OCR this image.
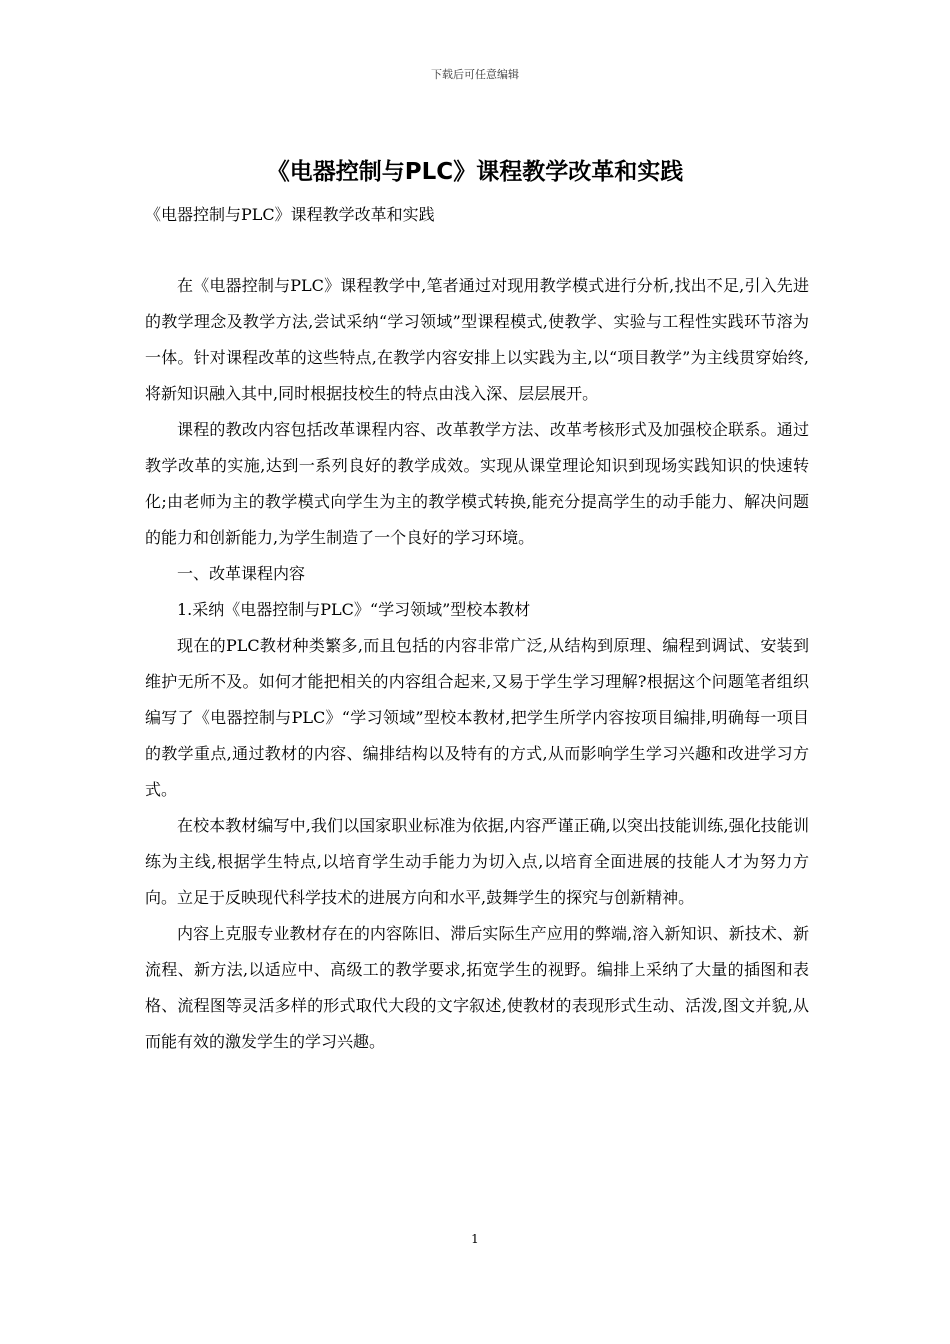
下载后可任意编辑
《电器控制与PLC》课程教学改革和实践
《电器控制与PLC》课程教学改革和实践

在《电器控制与PLC》课程教学中,笔者通过对现用教学模式进行分析,找出不足,引入先进的教学理念及教学方法,尝试采纳“学习领域”型课程模式,使教学、实验与工程性实践环节溶为一体。针对课程改革的这些特点,在教学内容安排上以实践为主,以“项目教学”为主线贯穿始终,将新知识融入其中,同时根据技校生的特点由浅入深、层层展开。

课程的教改内容包括改革课程内容、改革教学方法、改革考核形式及加强校企联系。通过教学改革的实施,达到一系列良好的教学成效。实现从课堂理论知识到现场实践知识的快速转化;由老师为主的教学模式向学生为主的教学模式转换,能充分提高学生的动手能力、解决问题的能力和创新能力,为学生制造了一个良好的学习环境。

一、改革课程内容

1.采纳《电器控制与PLC》“学习领域”型校本教材

现在的PLC教材种类繁多,而且包括的内容非常广泛,从结构到原理、编程到调试、安装到维护无所不及。如何才能把相关的内容组合起来,又易于学生学习理解?根据这个问题笔者组织编写了《电器控制与PLC》“学习领域”型校本教材,把学生所学内容按项目编排,明确每一项目的教学重点,通过教材的内容、编排结构以及特有的方式,从而影响学生学习兴趣和改进学习方式。

在校本教材编写中,我们以国家职业标准为依据,内容严谨正确,以突出技能训练,强化技能训练为主线,根据学生特点,以培育学生动手能力为切入点,以培育全面进展的技能人才为努力方向。立足于反映现代科学技术的进展方向和水平,鼓舞学生的探究与创新精神。

内容上克服专业教材存在的内容陈旧、滞后实际生产应用的弊端,溶入新知识、新技术、新流程、新方法,以适应中、高级工的教学要求,拓宽学生的视野。编排上采纳了大量的插图和表格、流程图等灵活多样的形式取代大段的文字叙述,使教材的表现形式生动、活泼,图文并貌,从而能有效的激发学生的学习兴趣。

1
